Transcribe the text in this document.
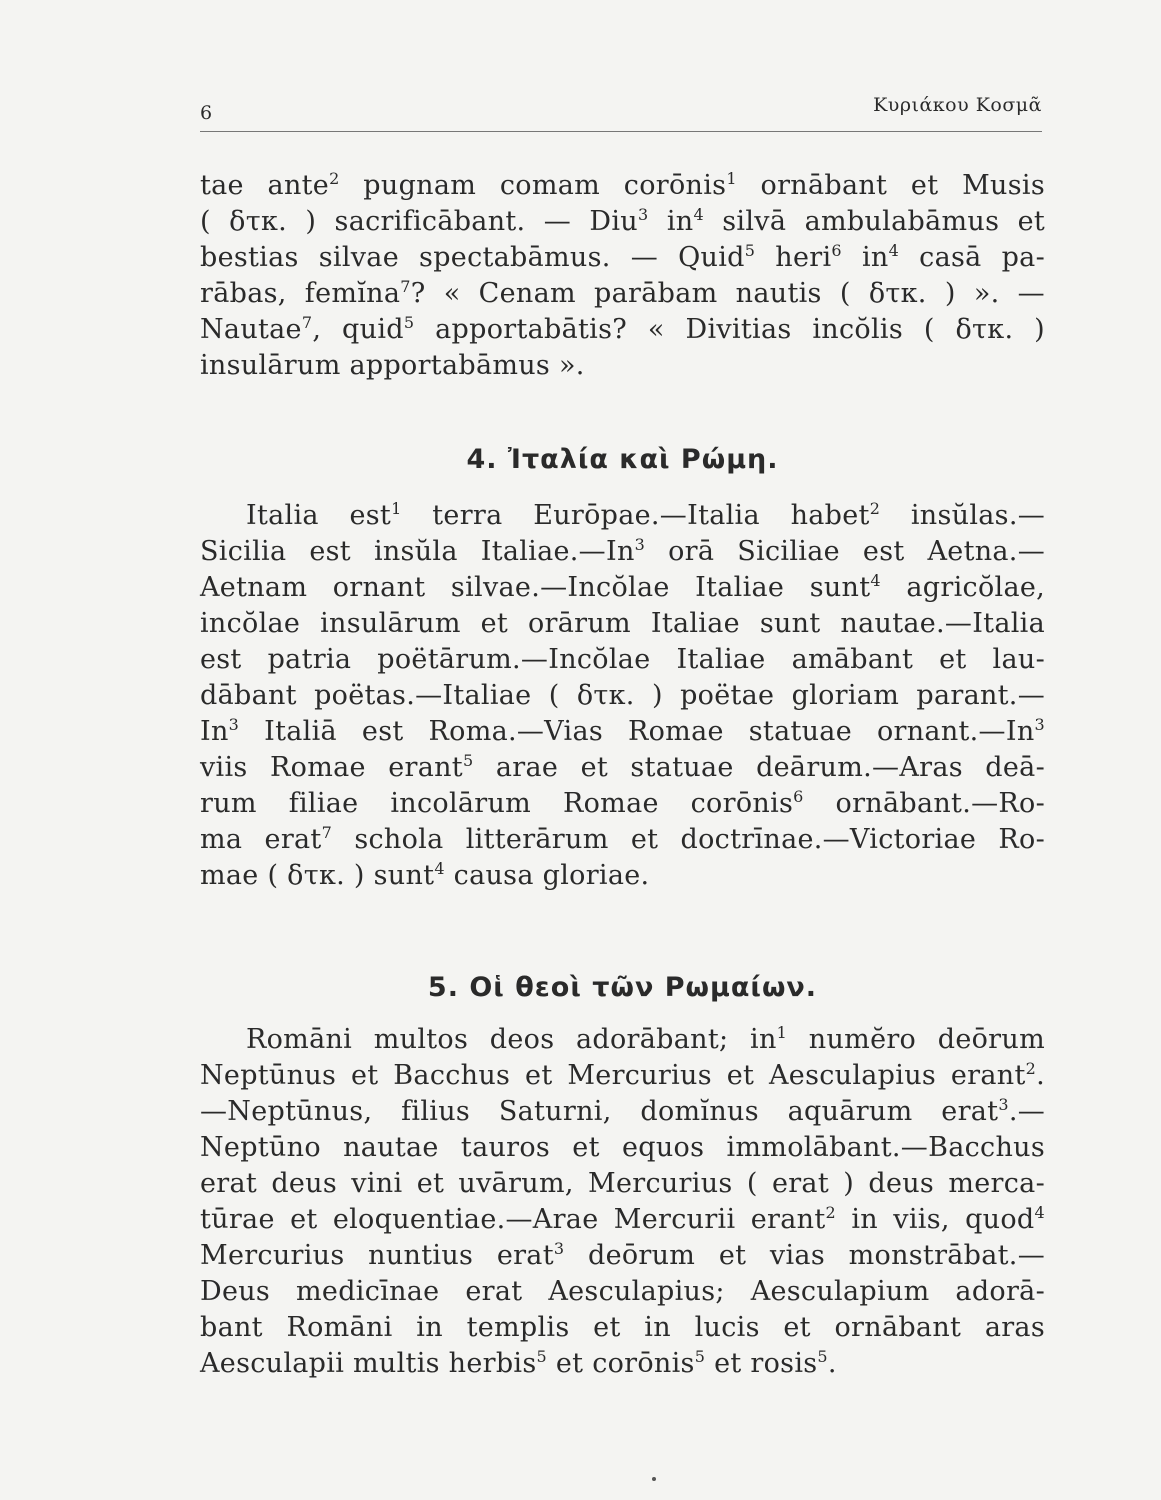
6	Κυριάκου Κοσμᾶ
tae ante$^2$ pugnam comam corōnis$^1$ ornābant et Musis
( δτκ. ) sacrificābant. — Diu$^3$ $in^4$ silvā ambulabāmus et
bestias silvae spectabāmus. — Quid$^5$ heri$^6$ $in^4$ casā pa-
rābas, femĭna$^7$? « Cenam parābam nautis ( δτκ. ) ». —
Nautae$^7$, quid$^5$ apportabātis? « Divitias incŏlis ( δτκ. )
insulārum apportabāmus ».
4. Ἰταλία καὶ Ρώμη.
Italia est$^1$ terra Eurōpae.—Italia habet$^2$ insŭlas.—
Sicilia est insŭla Italiae.—In$^3$ orā Siciliae est Aetna.—
Aetnam ornant silvae.—Incŏlae Italiae sunt$^4$ agricŏlae,
incŏlae insulārum et orārum Italiae sunt nautae.—Italia
est patria poëtārum.—Incŏlae Italiae amābant et lau-
dābant poëtas.—Italiae ( δτκ. ) poëtae gloriam parant.—
In$^3$ Italiā est Roma.—Vias Romae statuae ornant.—In$^3$
viis Romae erant$^5$ arae et statuae deārum.—Aras deā-
rum filiae incolārum Romae corōnis$^6$ ornābant.—Ro-
ma erat$^7$ schola litterārum et doctrīnae.—Victoriae Ro-
mae ( δτκ. ) sunt$^4$ causa gloriae.
5. Οἱ θεοὶ τῶν Ρωμαίων.
Romāni multos deos adorābant; $in^1$ numĕro deōrum
Neptūnus et Bacchus et Mercurius et Aesculapius erant$^2$.
—Neptūnus, filius Saturni, domĭnus aquārum erat$^3$.—
Neptūno nautae tauros et equos immolābant.—Bacchus
erat deus vini et uvārum, Mercurius ( erat ) deus merca-
tūrae et eloquentiae.—Arae Mercurii erant$^2$ in viis, quod$^4$
Mercurius nuntius erat$^3$ deōrum et vias monstrābat.—
Deus medicīnae erat Aesculapius; Aesculapium adorā-
bant Romāni in templis et in lucis et ornābant aras
Aesculapii multis herbis$^5$ et corōnis$^5$ et rosis$^5$.
